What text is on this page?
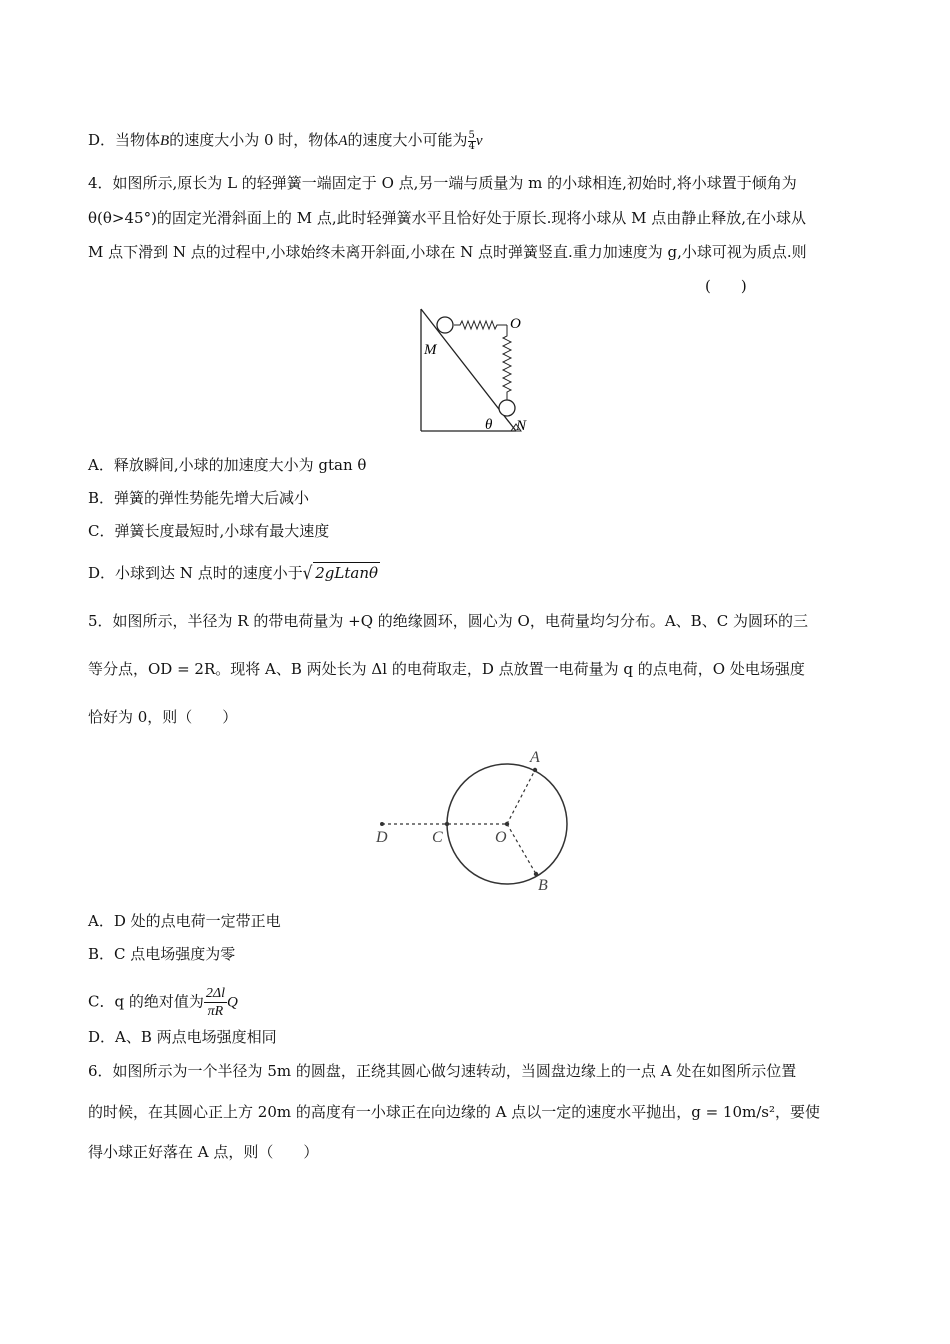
D．当物体B的速度大小为 0 时，物体A的速度大小可能为 $\frac{5}{4}$ v
4．如图所示,原长为 L 的轻弹簧一端固定于 O 点,另一端与质量为 m 的小球相连,初始时,将小球置于倾角为
θ(θ>45°)的固定光滑斜面上的 M 点,此时轻弹簧水平且恰好处于原长.现将小球从 M 点由静止释放,在小球从
M 点下滑到 N 点的过程中,小球始终未离开斜面,小球在 N 点时弹簧竖直.重力加速度为 g,小球可视为质点.则
(　　)
O
M
θ N
A．释放瞬间,小球的加速度大小为 gtan θ
B．弹簧的弹性势能先增大后减小
C．弹簧长度最短时,小球有最大速度
D．小球到达 N 点时的速度小于√ 2gLtanθ
5．如图所示，半径为 R 的带电荷量为 +Q 的绝缘圆环，圆心为 O，电荷量均匀分布。A、B、C 为圆环的三
等分点，OD = 2R。现将 A、B 两处长为 Δl 的电荷取走，D 点放置一电荷量为 q 的点电荷，O 处电场强度
恰好为 0，则（　　）
D	C	O
A
B
A．D 处的点电荷一定带正电
B．C 点电场强度为零
C．q 的绝对值为 $\frac{2\Delta l}{\pi R}$ Q
D．A、B 两点电场强度相同
6．如图所示为一个半径为 5m 的圆盘，正绕其圆心做匀速转动，当圆盘边缘上的一点 A 处在如图所示位置
的时候，在其圆心正上方 20m 的高度有一小球正在向边缘的 A 点以一定的速度水平抛出，g = 10m/s²，要使
得小球正好落在 A 点，则（　　）
